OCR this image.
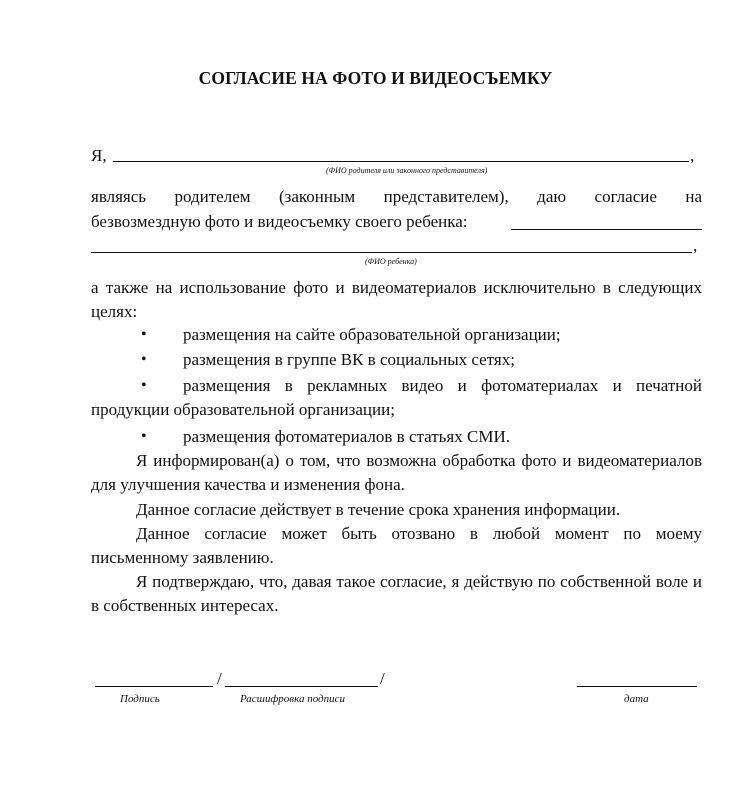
СОГЛАСИЕ НА ФОТО И ВИДЕОСЪЕМКУ
Я,	,
(ФИО родителя или законного представителя)
являясь родителем (законным представителем), даю согласие на
безвозмездную фото и видеосъемку своего ребенка:
,
(ФИО ребенка)
а также на использование фото и видеоматериалов исключительно в следующих целях:
• размещения на сайте образовательной организации;
• размещения в группе ВК в социальных сетях;
• размещения в рекламных видео и фотоматериалах и печатной
продукции образовательной организации;
• размещения фотоматериалов в статьях СМИ.
Я информирован(а) о том, что возможна обработка фото и видеоматериалов для улучшения качества и изменения фона.
Данное согласие действует в течение срока хранения информации.
Данное согласие может быть отозвано в любой момент по моему письменному заявлению.
Я подтверждаю, что, давая такое согласие, я действую по собственной воле и в собственных интересах.
/	/
Подпись	Расшифровка подписи	дата
